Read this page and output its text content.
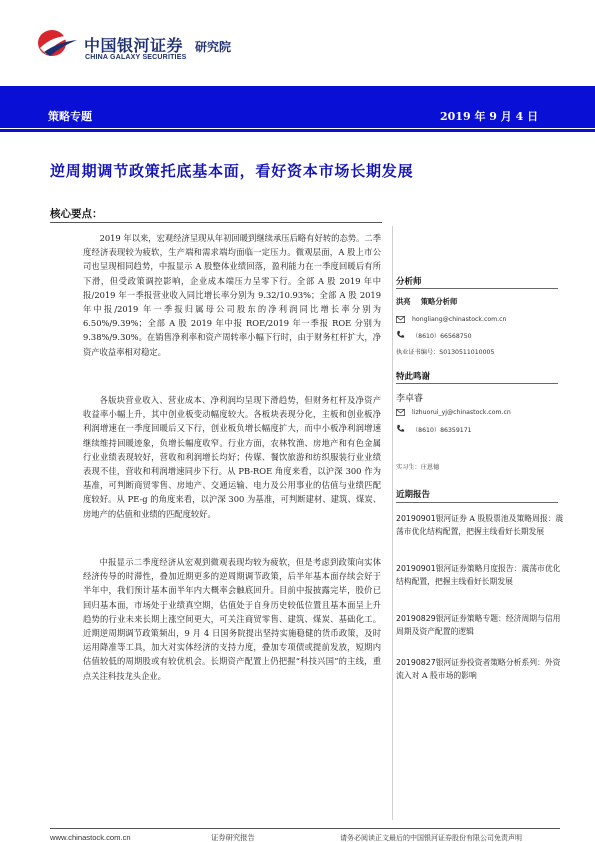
中国银河证券
CHINA GALAXY SECURITIES
研究院
策略专题	2019 年 9 月 4 日
逆周期调节政策托底基本面，看好资本市场长期发展
核心要点：

2019 年以来，宏观经济呈现从年初回暖到继续承压后略有好转的态势。二季度经济表现较为疲软，生产端和需求端均面临一定压力。微观层面，A 股上市公司也呈现相同趋势，中报显示 A 股整体业绩回落，盈利能力在一季度回暖后有所下滑，但受政策调控影响，企业成本端压力呈零下行。全部 A 股 2019 年中报/2019 年一季报营业收入同比增长率分别为 9.32/10.93%；全部 A 股 2019 年中报/2019 年一季报归属母公司股东的净利润同比增长率分别为 6.50%/9.39%；全部 A 股 2019 年中报 ROE/2019 年一季报 ROE 分别为 9.38%/9.30%。在销售净利率和资产周转率小幅下行时，由于财务杠杆扩大，净资产收益率相对稳定。

各版块营业收入、营业成本、净利润均呈现下滑趋势，但财务杠杆及净资产收益率小幅上升，其中创业板变动幅度较大。各板块表现分化，主板和创业板净利润增速在一季度回暖后又下行，创业板负增长幅度扩大，而中小板净利润增速继续维持回暖迹象，负增长幅度收窄。行业方面，农林牧渔、房地产和有色金属行业业绩表现较好，营收和利润增长均好；传媒、餐饮旅游和纺织服装行业业绩表现不佳，营收和利润增速同步下行。从 PB-ROE 角度来看，以沪深 300 作为基准，可判断商贸零售、房地产、交通运输、电力及公用事业的估值与业绩匹配度较好。从 PE-g 的角度来看，以沪深 300 为基准，可判断建材、建筑、煤炭、房地产的估值和业绩的匹配度较好。

中报显示二季度经济从宏观到微观表现均较为疲软，但是考虑到政策向实体经济传导的时滞性，叠加近期更多的逆周期调节政策，后半年基本面存续会好于半年中，我们预计基本面半年内大概率会触底回升。目前中报披露完毕，股价已回归基本面，市场处于业绩真空期，估值处于自身历史较低位置且基本面呈上升趋势的行业未来长期上涨空间更大，可关注商贸零售、建筑、煤炭、基础化工。近期逆周期调节政策频出，9 月 4 日国务院提出坚持实施稳健的货币政策，及时运用降准等工具，加大对实体经济的支持力度，叠加专项债或提前发放，短期内估值较低的周期股或有较优机会。长期资产配置上仍把握“科技兴国”的主线，重点关注科技龙头企业。

分析师
洪亮 策略分析师
hongliang@chinastock.com.cn
（8610）66568750
执业证书编号：S0130511010005
特此鸣谢
李卓睿
lizhuorui_yj@chinastock.com.cn
（8610）86359171
实习生：庄恩德
近期报告
20190901银河证券 A 股股票池及策略周报：震荡市优化结构配置，把握主线看好长期发展
20190901银河证券策略月度报告：震荡市优化结构配置，把握主线看好长期发展
20190829银河证券策略专题：经济周期与信用周期及资产配置的逻辑
20190827银河证券投资者策略分析系列：外资流入对 A 股市场的影响
www.chinastock.com.cn	证券研究报告	请务必阅读正文最后的中国银河证券股份有限公司免责声明
